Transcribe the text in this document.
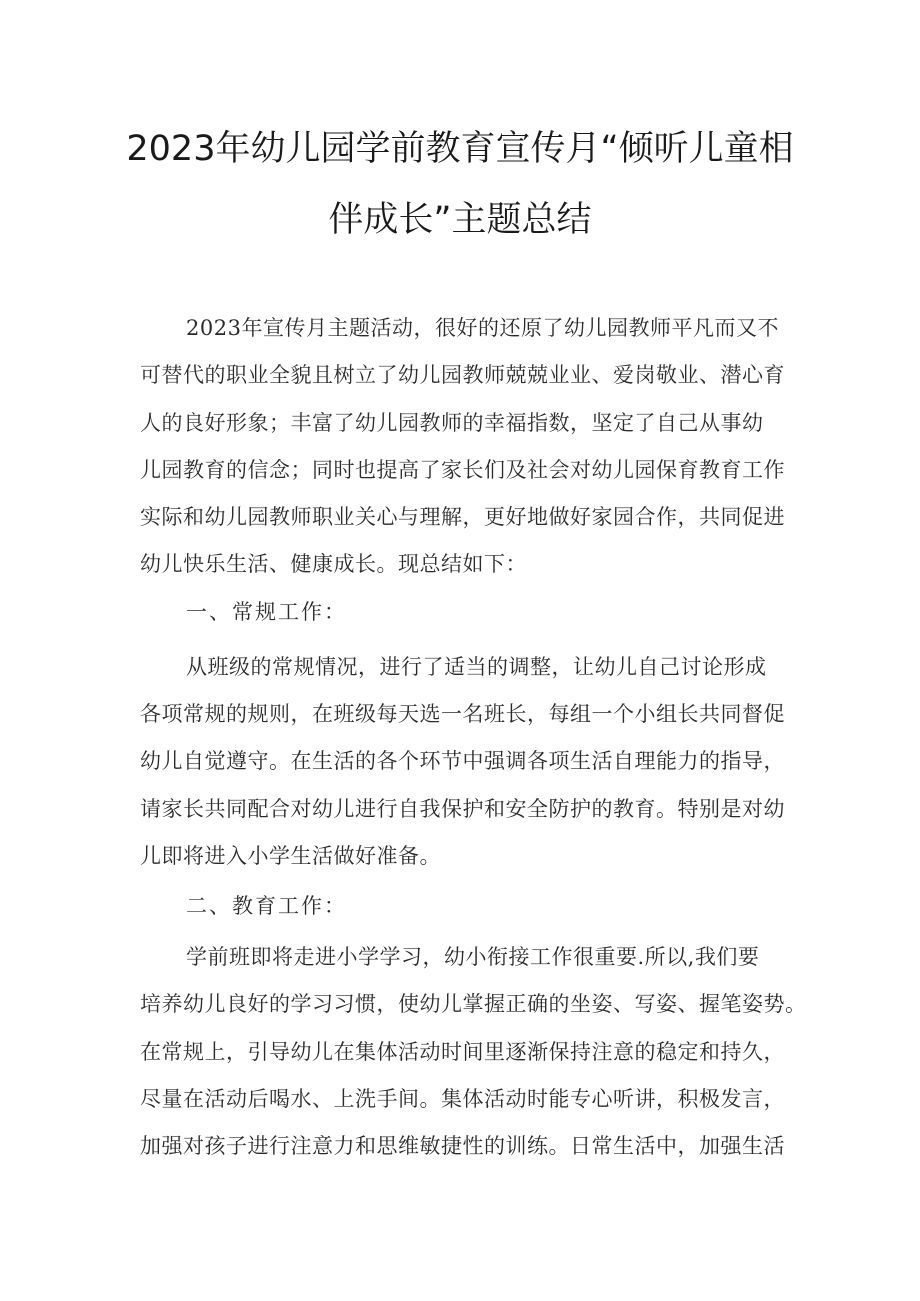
2023年幼儿园学前教育宣传月“倾听儿童相
伴成长”主题总结
2023年宣传月主题活动，很好的还原了幼儿园教师平凡而又不
可替代的职业全貌且树立了幼儿园教师兢兢业业、爱岗敬业、潜心育
人的良好形象；丰富了幼儿园教师的幸福指数，坚定了自己从事幼
儿园教育的信念；同时也提高了家长们及社会对幼儿园保育教育工作
实际和幼儿园教师职业关心与理解，更好地做好家园合作，共同促进
幼儿快乐生活、健康成长。现总结如下：
一、常规工作：
从班级的常规情况，进行了适当的调整，让幼儿自己讨论形成
各项常规的规则，在班级每天选一名班长，每组一个小组长共同督促
幼儿自觉遵守。在生活的各个环节中强调各项生活自理能力的指导，
请家长共同配合对幼儿进行自我保护和安全防护的教育。特别是对幼
儿即将进入小学生活做好准备。
二、教育工作：
学前班即将走进小学学习，幼小衔接工作很重要.所以,我们要
培养幼儿良好的学习习惯，使幼儿掌握正确的坐姿、写姿、握笔姿势。
在常规上，引导幼儿在集体活动时间里逐渐保持注意的稳定和持久，
尽量在活动后喝水、上洗手间。集体活动时能专心听讲，积极发言，
加强对孩子进行注意力和思维敏捷性的训练。日常生活中，加强生活
